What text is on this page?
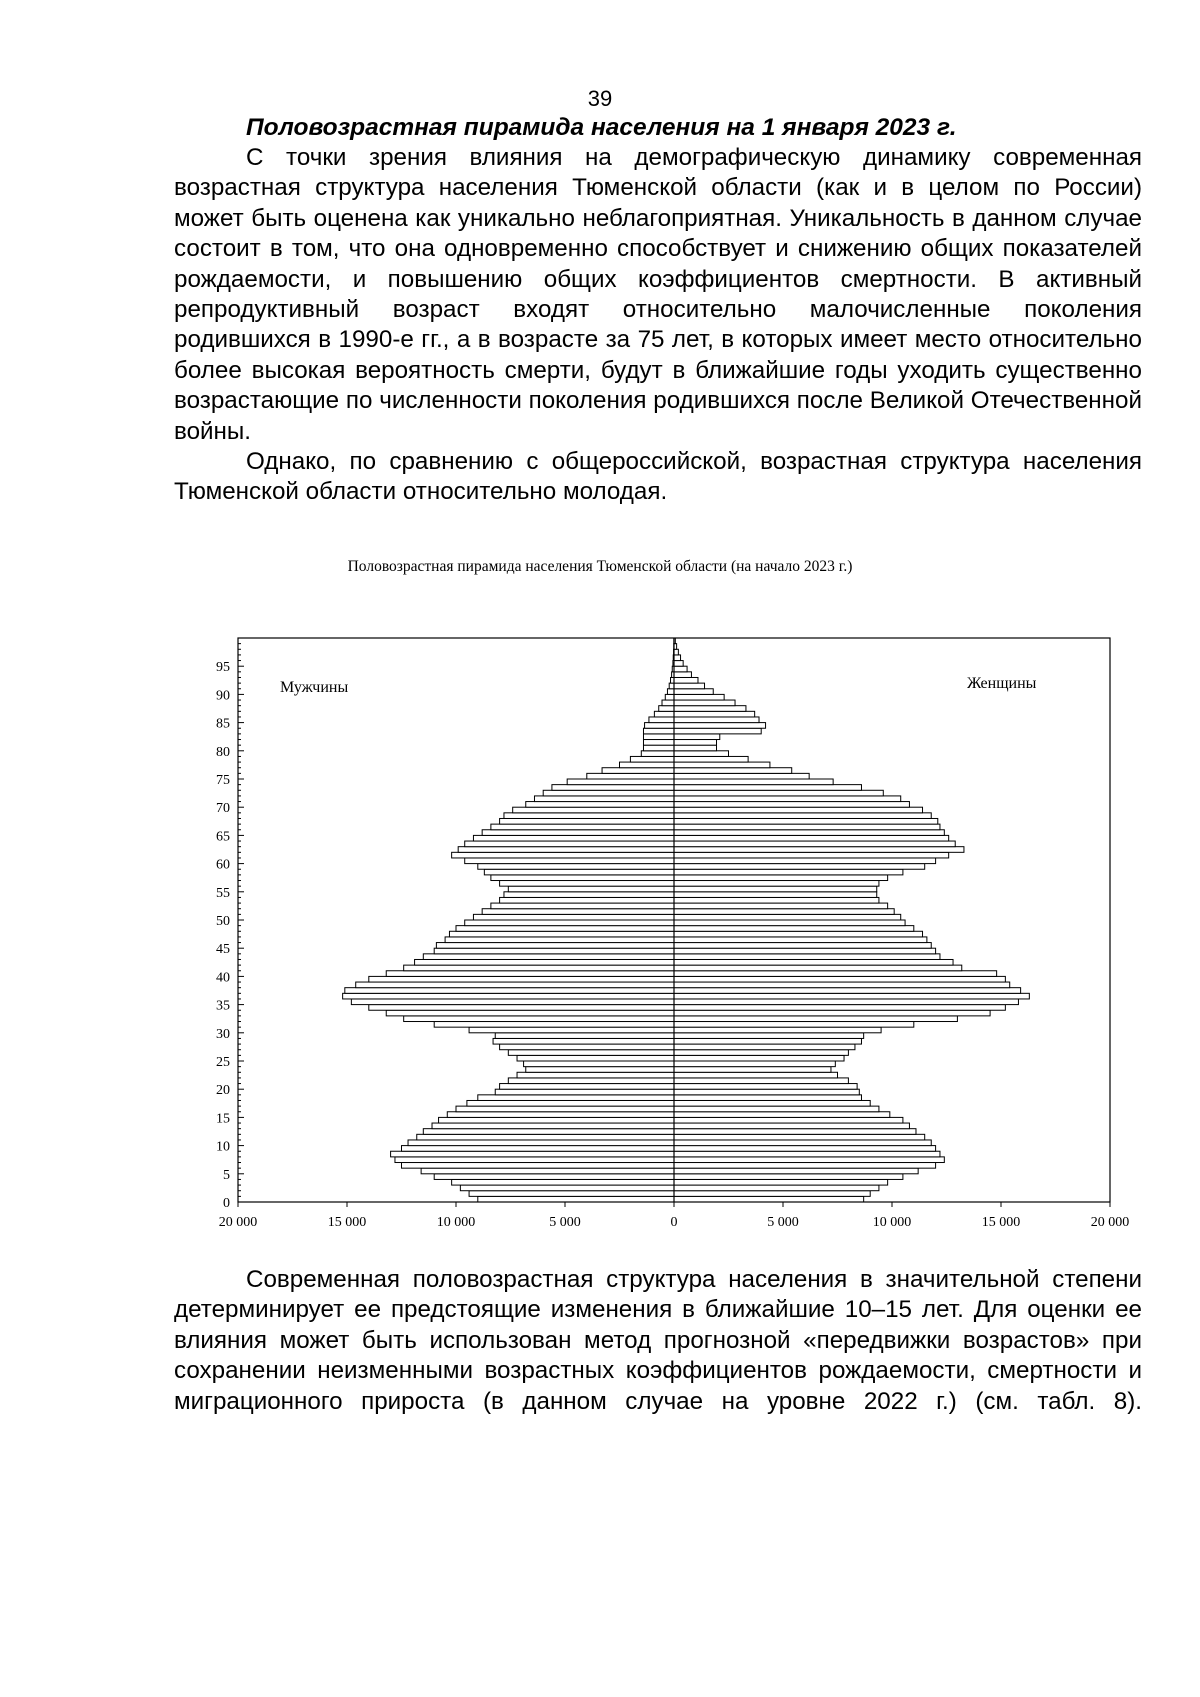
39
Половозрастная пирамида населения на 1 января 2023 г.

С точки зрения влияния на демографическую динамику современная возрастная структура населения Тюменской области (как и в целом по России) может быть оценена как уникально неблагоприятная. Уникальность в данном случае состоит в том, что она одновременно способствует и снижению общих показателей рождаемости, и повышению общих коэффициентов смертности. В активный репродуктивный возраст входят относительно малочисленные поколения родившихся в 1990-е гг., а в возрасте за 75 лет, в которых имеет место относительно более высокая вероятность смерти, будут в ближайшие годы уходить существенно возрастающие по численности поколения родившихся после Великой Отечественной войны.

Однако, по сравнению с общероссийской, возрастная структура населения Тюменской области относительно молодая.

Половозрастная пирамида населения Тюменской области (на начало 2023 г.)
0
5
10
15
20
25
30
35
40
45
50
55
60
65
70
75
80
85
90
95
20 000	15 000	10 000	5 000	0	5 000	10 000	15 000	20 000
Мужчины	Женщины

Современная половозрастная структура населения в значительной степени детерминирует ее предстоящие изменения в ближайшие 10–15 лет. Для оценки ее влияния может быть использован метод прогнозной «передвижки возрастов» при сохранении неизменными возрастных коэффициентов рождаемости, смертности и миграционного прироста (в данном случае на уровне 2022 г.) (см. табл. 8).
